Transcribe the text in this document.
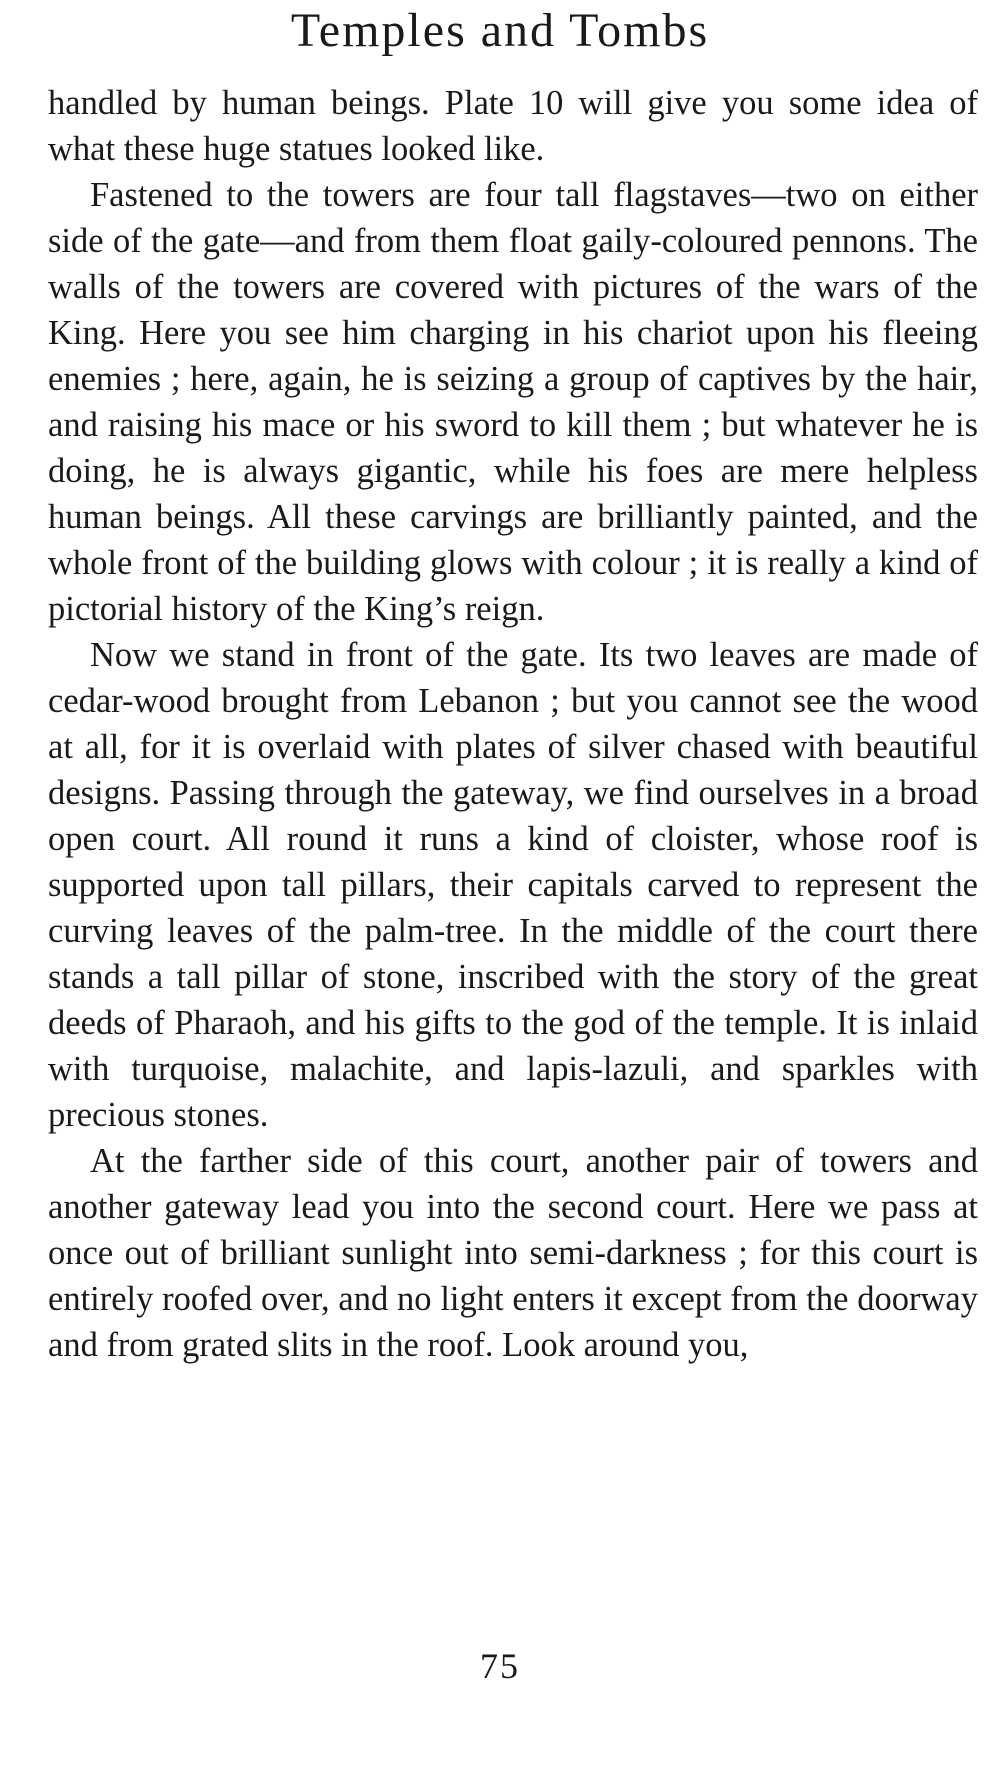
Temples and Tombs

handled by human beings. Plate 10 will give you some idea of what these huge statues looked like.

Fastened to the towers are four tall flagstaves—two on either side of the gate—and from them float gaily-coloured pennons. The walls of the towers are covered with pictures of the wars of the King. Here you see him charging in his chariot upon his fleeing enemies ; here, again, he is seizing a group of captives by the hair, and raising his mace or his sword to kill them ; but whatever he is doing, he is always gigantic, while his foes are mere helpless human beings. All these carvings are brilliantly painted, and the whole front of the building glows with colour ; it is really a kind of pictorial history of the King’s reign.

Now we stand in front of the gate. Its two leaves are made of cedar-wood brought from Lebanon ; but you cannot see the wood at all, for it is overlaid with plates of silver chased with beautiful designs. Passing through the gateway, we find ourselves in a broad open court. All round it runs a kind of cloister, whose roof is supported upon tall pillars, their capitals carved to represent the curving leaves of the palm-tree. In the middle of the court there stands a tall pillar of stone, inscribed with the story of the great deeds of Pharaoh, and his gifts to the god of the temple. It is inlaid with turquoise, malachite, and lapis-lazuli, and sparkles with precious stones.

At the farther side of this court, another pair of towers and another gateway lead you into the second court. Here we pass at once out of brilliant sunlight into semi-darkness ; for this court is entirely roofed over, and no light enters it except from the doorway and from grated slits in the roof. Look around you,

75
